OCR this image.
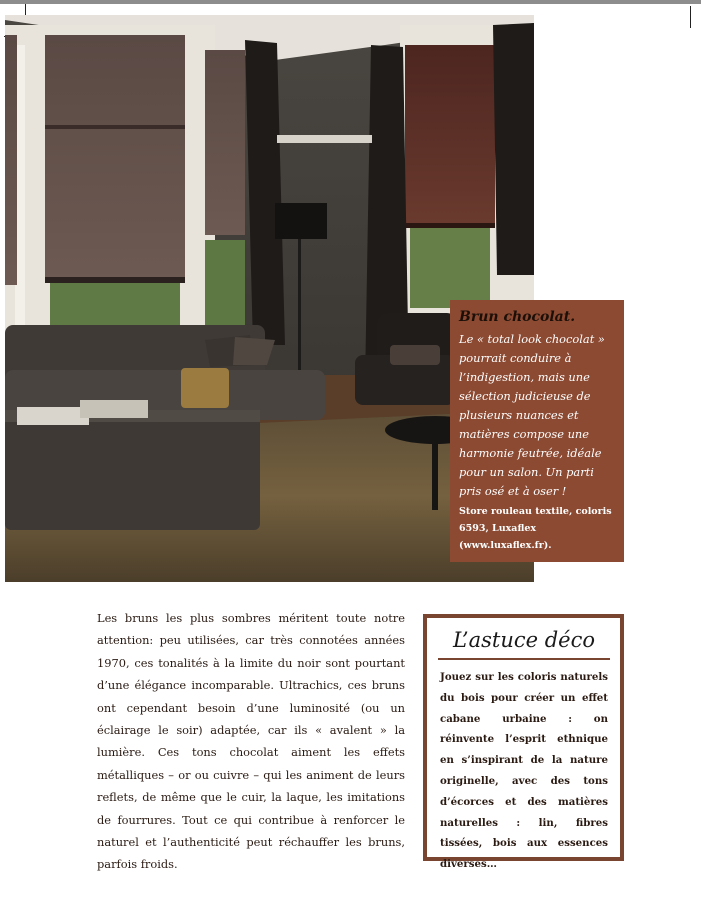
Brun chocolat.

Le « total look chocolat » pourrait conduire à l’indigestion, mais une sélection judicieuse de plusieurs nuances et matières compose une harmonie feutrée, idéale pour un salon. Un parti pris osé et à oser !

Store rouleau textile, coloris 6593, Luxaflex (www.luxaflex.fr).

Les bruns les plus sombres méritent toute notre attention: peu utilisées, car très connotées années 1970, ces tonalités à la limite du noir sont pourtant d’une élégance incomparable. Ultrachics, ces bruns ont cependant besoin d’une luminosité (ou un éclairage le soir) adaptée, car ils « avalent » la lumière. Ces tons chocolat aiment les effets métalliques – or ou cuivre – qui les animent de leurs reflets, de même que le cuir, la laque, les imitations de fourrures. Tout ce qui contribue à renforcer le naturel et l’authenticité peut réchauffer les bruns, parfois froids.

L’astuce déco

Jouez sur les coloris naturels du bois pour créer un effet cabane urbaine : on réinvente l’esprit ethnique en s’inspirant de la nature originelle, avec des tons d’écorces et des matières naturelles : lin, fibres tissées, bois aux essences diverses…
